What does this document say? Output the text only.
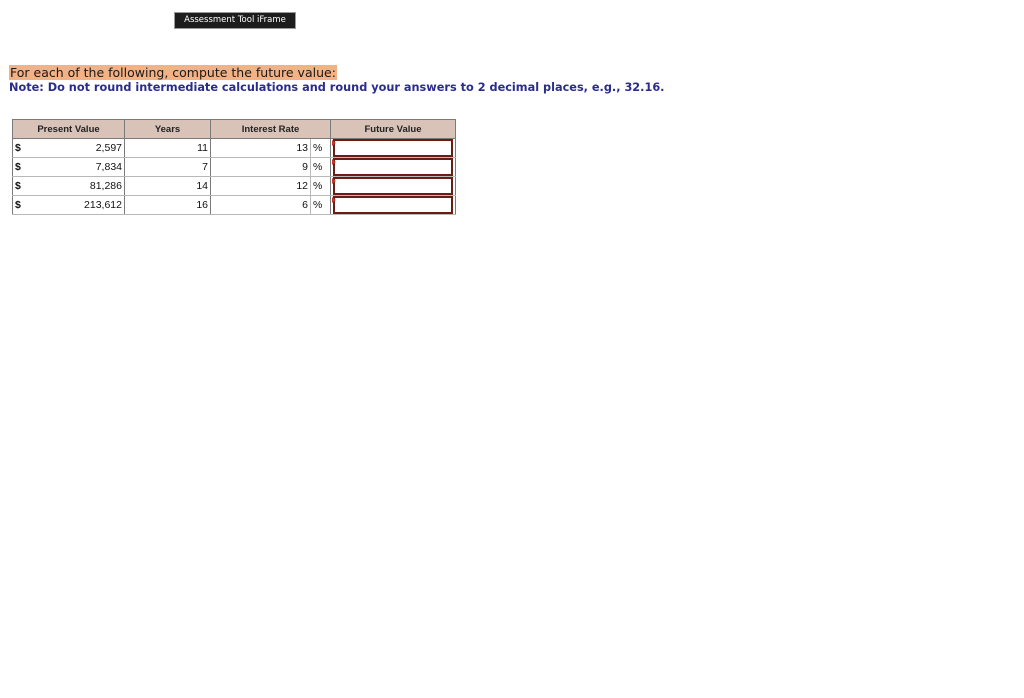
Assessment Tool iFrame
For each of the following, compute the future value:
Note: Do not round intermediate calculations and round your answers to 2 decimal places, e.g., 32.16.
Present Value		Years	Interest Rate		Future Value
$	2,597	11	13	%	

$	7,834	7	9	%	

$	81,286	14	12	%	

$	213,612	16	6	%	
